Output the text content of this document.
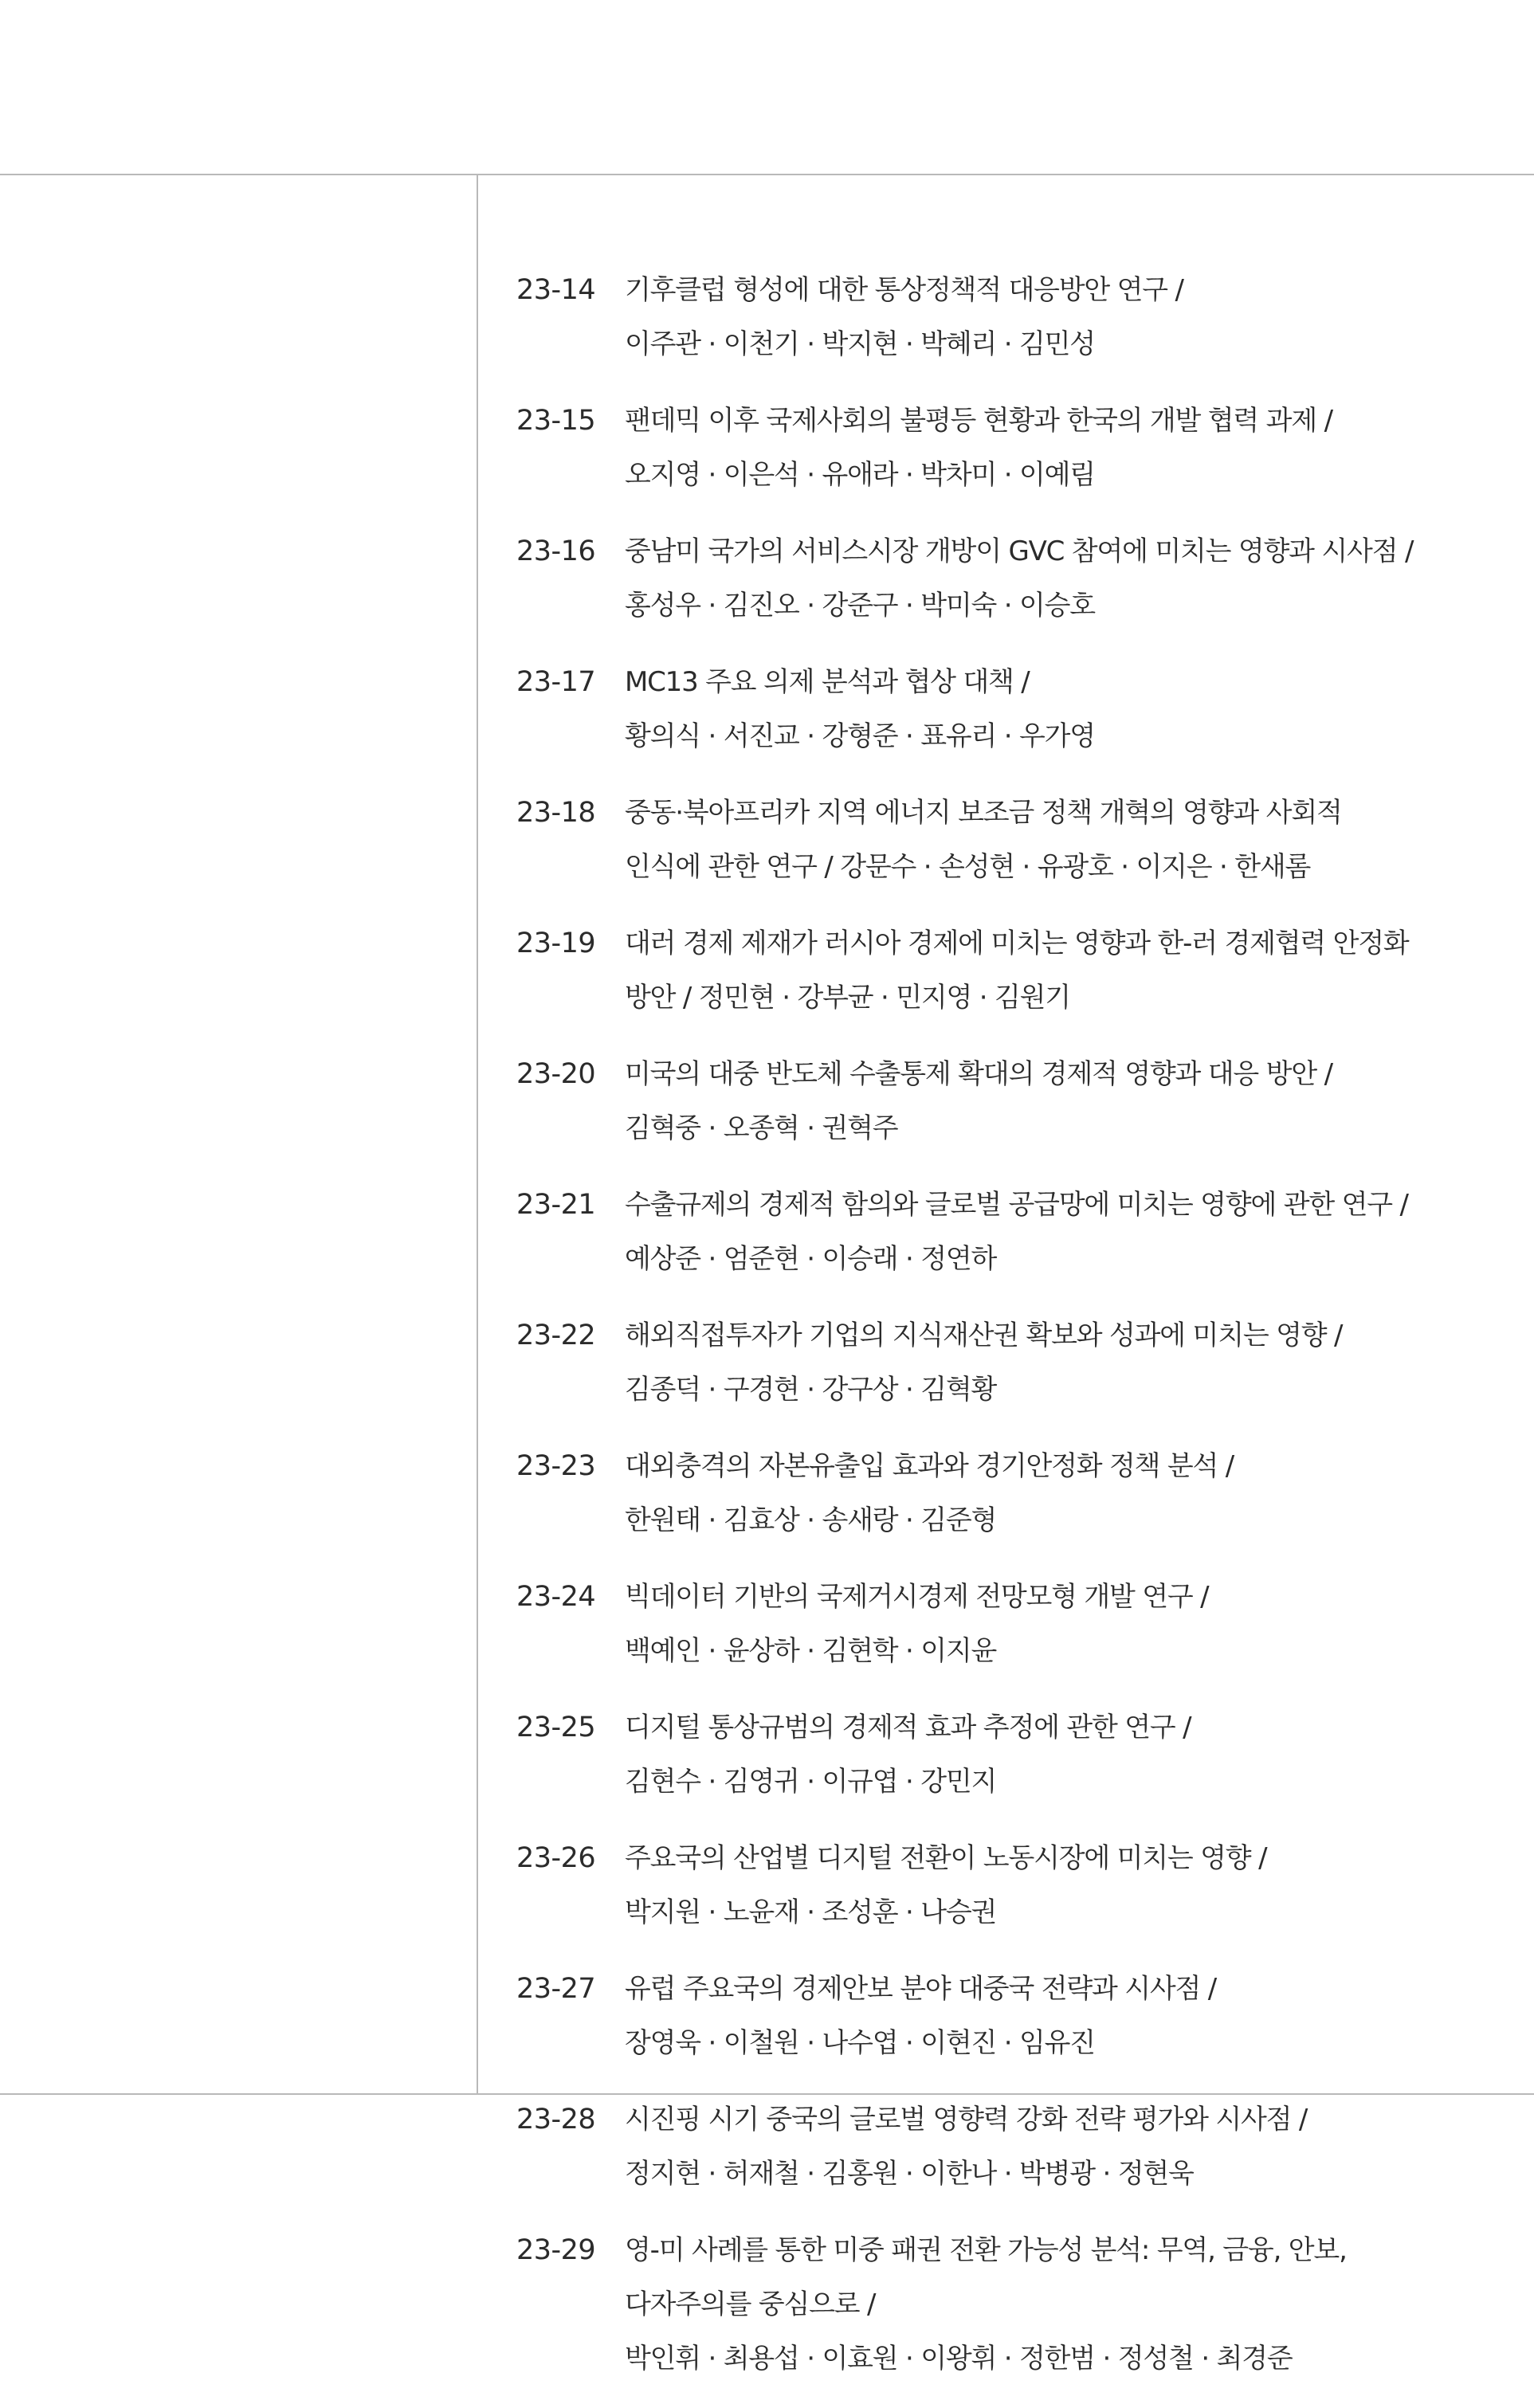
23-14	기후클럽 형성에 대한 통상정책적 대응방안 연구 /
이주관 · 이천기 · 박지현 · 박혜리 · 김민성
23-15	팬데믹 이후 국제사회의 불평등 현황과 한국의 개발 협력 과제 /
오지영 · 이은석 · 유애라 · 박차미 · 이예림
23-16	중남미 국가의 서비스시장 개방이 GVC 참여에 미치는 영향과 시사점 /
홍성우 · 김진오 · 강준구 · 박미숙 · 이승호
23-17	MC13 주요 의제 분석과 협상 대책 /
황의식 · 서진교 · 강형준 · 표유리 · 우가영
23-18	중동·북아프리카 지역 에너지 보조금 정책 개혁의 영향과 사회적
인식에 관한 연구 / 강문수 · 손성현 · 유광호 · 이지은 · 한새롬
23-19	대러 경제 제재가 러시아 경제에 미치는 영향과 한-러 경제협력 안정화
방안 / 정민현 · 강부균 · 민지영 · 김원기
23-20	미국의 대중 반도체 수출통제 확대의 경제적 영향과 대응 방안 /
김혁중 · 오종혁 · 권혁주
23-21	수출규제의 경제적 함의와 글로벌 공급망에 미치는 영향에 관한 연구 /
예상준 · 엄준현 · 이승래 · 정연하
23-22	해외직접투자가 기업의 지식재산권 확보와 성과에 미치는 영향 /
김종덕 · 구경현 · 강구상 · 김혁황
23-23	대외충격의 자본유출입 효과와 경기안정화 정책 분석 /
한원태 · 김효상 · 송새랑 · 김준형
23-24	빅데이터 기반의 국제거시경제 전망모형 개발 연구 /
백예인 · 윤상하 · 김현학 · 이지윤
23-25	디지털 통상규범의 경제적 효과 추정에 관한 연구 /
김현수 · 김영귀 · 이규엽 · 강민지
23-26	주요국의 산업별 디지털 전환이 노동시장에 미치는 영향 /
박지원 · 노윤재 · 조성훈 · 나승권
23-27	유럽 주요국의 경제안보 분야 대중국 전략과 시사점 /
장영욱 · 이철원 · 나수엽 · 이현진 · 임유진
23-28	시진핑 시기 중국의 글로벌 영향력 강화 전략 평가와 시사점 /
정지현 · 허재철 · 김홍원 · 이한나 · 박병광 · 정현욱
23-29	영-미 사례를 통한 미중 패권 전환 가능성 분석: 무역, 금융, 안보,
다자주의를 중심으로 /
박인휘 · 최용섭 · 이효원 · 이왕휘 · 정한범 · 정성철 · 최경준
